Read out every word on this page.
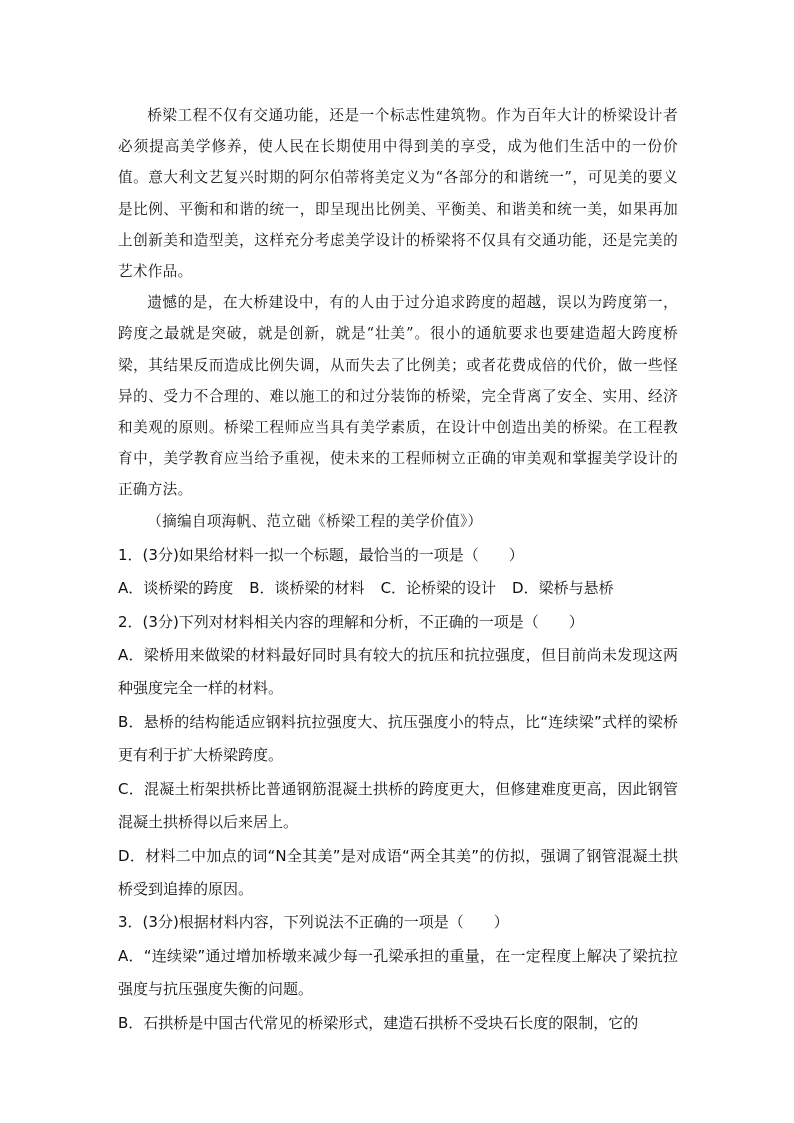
桥梁工程不仅有交通功能，还是一个标志性建筑物。作为百年大计的桥梁设计者必须提高美学修养，使人民在长期使用中得到美的享受，成为他们生活中的一份价值。意大利文艺复兴时期的阿尔伯蒂将美定义为“各部分的和谐统一”，可见美的要义是比例、平衡和和谐的统一，即呈现出比例美、平衡美、和谐美和统一美，如果再加上创新美和造型美，这样充分考虑美学设计的桥梁将不仅具有交通功能，还是完美的艺术作品。

遗憾的是，在大桥建设中，有的人由于过分追求跨度的超越，误以为跨度第一，跨度之最就是突破，就是创新，就是“壮美”。很小的通航要求也要建造超大跨度桥梁，其结果反而造成比例失调，从而失去了比例美；或者花费成倍的代价，做一些怪异的、受力不合理的、难以施工的和过分装饰的桥梁，完全背离了安全、实用、经济和美观的原则。桥梁工程师应当具有美学素质，在设计中创造出美的桥梁。在工程教育中，美学教育应当给予重视，使未来的工程师树立正确的审美观和掌握美学设计的正确方法。

（摘编自项海帆、范立础《桥梁工程的美学价值》）

1．(3分)如果给材料一拟一个标题，最恰当的一项是（　　）

A．谈桥梁的跨度 B．谈桥梁的材料 C．论桥梁的设计 D．梁桥与悬桥

2．(3分)下列对材料相关内容的理解和分析，不正确的一项是（　　）

A．梁桥用来做梁的材料最好同时具有较大的抗压和抗拉强度，但目前尚未发现这两种强度完全一样的材料。

B．悬桥的结构能适应钢料抗拉强度大、抗压强度小的特点，比“连续梁”式样的梁桥更有利于扩大桥梁跨度。

C．混凝土桁架拱桥比普通钢筋混凝土拱桥的跨度更大，但修建难度更高，因此钢管混凝土拱桥得以后来居上。

D．材料二中加点的词“N全其美”是对成语“两全其美”的仿拟，强调了钢管混凝土拱桥受到追捧的原因。

3．(3分)根据材料内容，下列说法不正确的一项是（　　）

A．“连续梁”通过增加桥墩来减少每一孔梁承担的重量，在一定程度上解决了梁抗拉强度与抗压强度失衡的问题。

B．石拱桥是中国古代常见的桥梁形式，建造石拱桥不受块石长度的限制，它的
